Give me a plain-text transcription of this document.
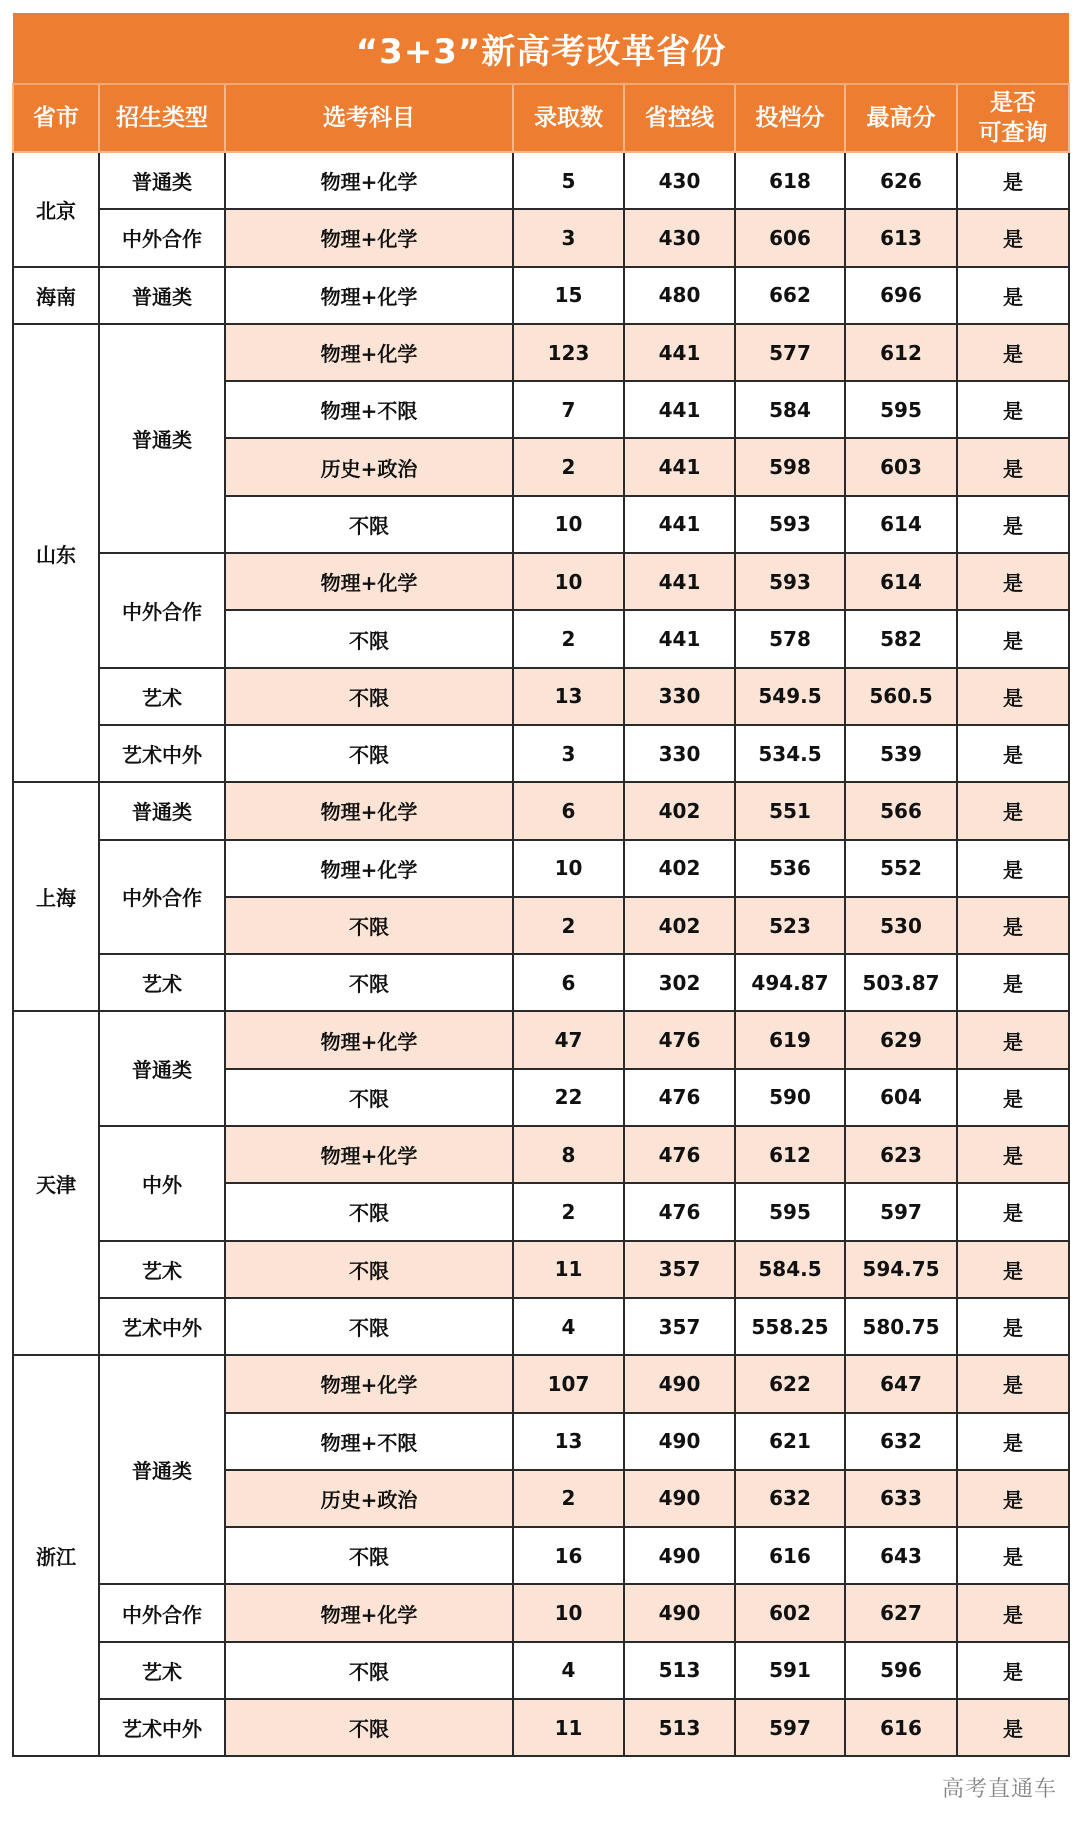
“3+3”新高考改革省份							
省市	招生类型	选考科目	录取数	省控线	投档分	最高分	是否
可查询
北京	普通类	物理+化学	5	430	618	626	是
	中外合作	物理+化学	3	430	606	613	是
海南	普通类	物理+化学	15	480	662	696	是
山东	普通类	物理+化学	123	441	577	612	是
		物理+不限	7	441	584	595	是
		历史+政治	2	441	598	603	是
		不限	10	441	593	614	是
	中外合作	物理+化学	10	441	593	614	是
		不限	2	441	578	582	是
	艺术	不限	13	330	549.5	560.5	是
	艺术中外	不限	3	330	534.5	539	是
上海	普通类	物理+化学	6	402	551	566	是
	中外合作	物理+化学	10	402	536	552	是
		不限	2	402	523	530	是
	艺术	不限	6	302	494.87	503.87	是
天津	普通类	物理+化学	47	476	619	629	是
		不限	22	476	590	604	是
	中外	物理+化学	8	476	612	623	是
		不限	2	476	595	597	是
	艺术	不限	11	357	584.5	594.75	是
	艺术中外	不限	4	357	558.25	580.75	是
浙江	普通类	物理+化学	107	490	622	647	是
		物理+不限	13	490	621	632	是
		历史+政治	2	490	632	633	是
		不限	16	490	616	643	是
	中外合作	物理+化学	10	490	602	627	是
	艺术	不限	4	513	591	596	是
	艺术中外	不限	11	513	597	616	是
高考直通车
